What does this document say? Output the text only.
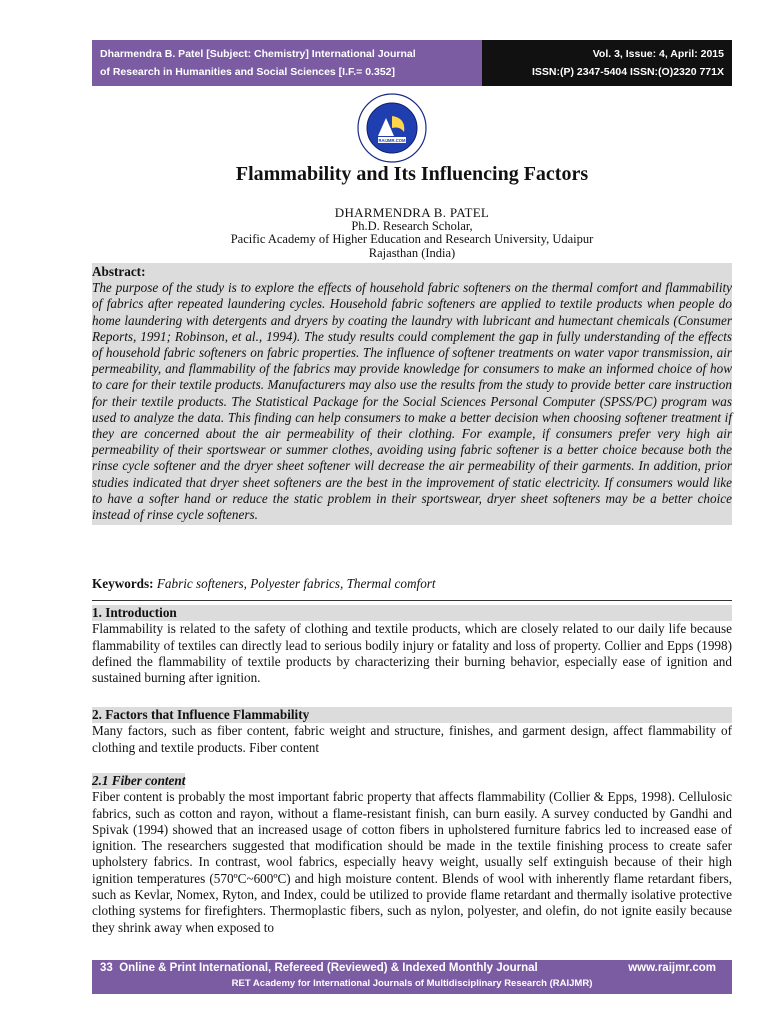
Dharmendra B. Patel [Subject: Chemistry] International Journal
of Research in Humanities and Social Sciences [I.F.= 0.352]
Vol. 3, Issue: 4, April: 2015
ISSN:(P) 2347-5404 ISSN:(O)2320 771X
RAIJMR.COM
Flammability and Its Influencing Factors
DHARMENDRA B. PATEL
Ph.D. Research Scholar,
Pacific Academy of Higher Education and Research University, Udaipur
Rajasthan (India)
Abstract:
The purpose of the study is to explore the effects of household fabric softeners on the thermal comfort and flammability of fabrics after repeated laundering cycles. Household fabric softeners are applied to textile products when people do home laundering with detergents and dryers by coating the laundry with lubricant and humectant chemicals (Consumer Reports, 1991; Robinson, et al., 1994). The study results could complement the gap in fully understanding of the effects of household fabric softeners on fabric properties. The influence of softener treatments on water vapor transmission, air permeability, and flammability of the fabrics may provide knowledge for consumers to make an informed choice of how to care for their textile products. Manufacturers may also use the results from the study to provide better care instruction for their textile products. The Statistical Package for the Social Sciences Personal Computer (SPSS/PC) program was used to analyze the data. This finding can help consumers to make a better decision when choosing softener treatment if they are concerned about the air permeability of their clothing. For example, if consumers prefer very high air permeability of their sportswear or summer clothes, avoiding using fabric softener is a better choice because both the rinse cycle softener and the dryer sheet softener will decrease the air permeability of their garments. In addition, prior studies indicated that dryer sheet softeners are the best in the improvement of static electricity. If consumers would like to have a softer hand or reduce the static problem in their sportswear, dryer sheet softeners may be a better choice instead of rinse cycle softeners.
Keywords: Fabric softeners, Polyester fabrics, Thermal comfort
1. Introduction
Flammability is related to the safety of clothing and textile products, which are closely related to our daily life because flammability of textiles can directly lead to serious bodily injury or fatality and loss of property. Collier and Epps (1998) defined the flammability of textile products by characterizing their burning behavior, especially ease of ignition and sustained burning after ignition.
2. Factors that Influence Flammability
Many factors, such as fiber content, fabric weight and structure, finishes, and garment design, affect flammability of clothing and textile products. Fiber content
2.1 Fiber content
Fiber content is probably the most important fabric property that affects flammability (Collier & Epps, 1998). Cellulosic fabrics, such as cotton and rayon, without a flame-resistant finish, can burn easily. A survey conducted by Gandhi and Spivak (1994) showed that an increased usage of cotton fibers in upholstered furniture fabrics led to increased ease of ignition. The researchers suggested that modification should be made in the textile finishing process to create safer upholstery fabrics. In contrast, wool fabrics, especially heavy weight, usually self extinguish because of their high ignition temperatures (570ºC~600ºC) and high moisture content. Blends of wool with inherently flame retardant fibers, such as Kevlar, Nomex, Ryton, and Index, could be utilized to provide flame retardant and thermally isolative protective clothing systems for firefighters. Thermoplastic fibers, such as nylon, polyester, and olefin, do not ignite easily because they shrink away when exposed to
33 Online & Print International, Refereed (Reviewed) & Indexed Monthly Journal	www.raijmr.com
RET Academy for International Journals of Multidisciplinary Research (RAIJMR)
